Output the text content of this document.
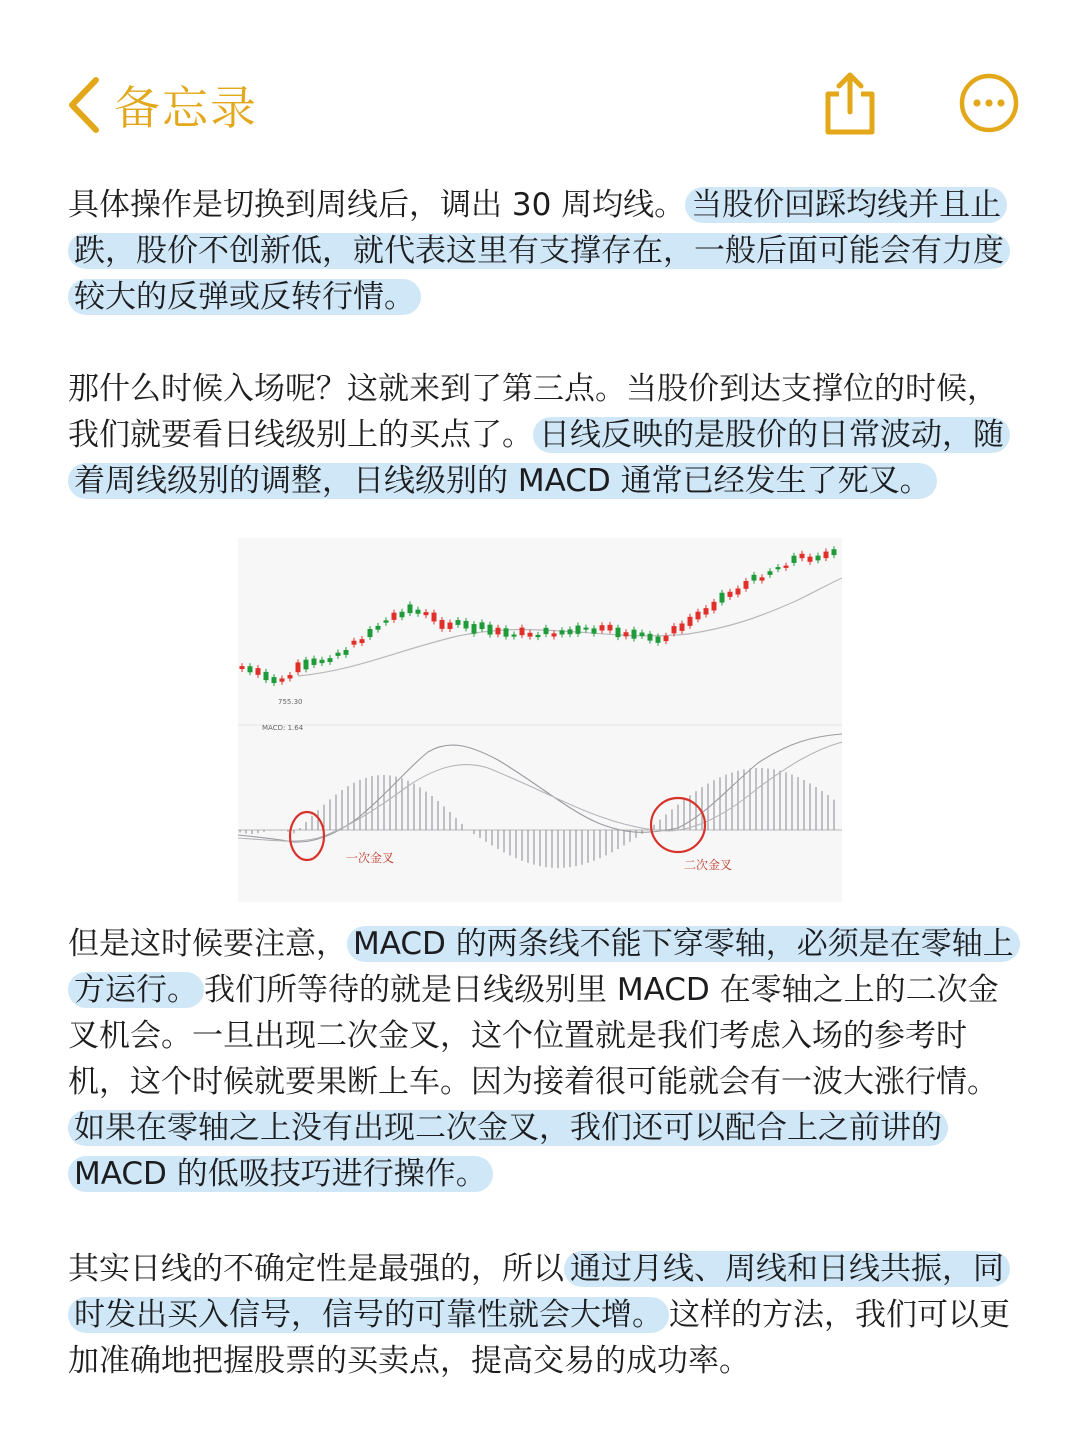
备忘录
具体操作是切换到周线后，调出 30 周均线。 当股价回踩均线并且止跌，股价不创新低，就代表这里有支撑存在，一般后面可能会有力度较大的反弹或反转行情。
那什么时候入场呢？这就来到了第三点。当股价到达支撑位的时候，我们就要看日线级别上的买点了。 日线反映的是股价的日常波动，随着周线级别的调整，日线级别的 MACD 通常已经发生了死叉。
755.30
MACD: 1.64
一次金叉	二次金叉
但是这时候要注意， MACD 的两条线不能下穿零轴，必须是在零轴上方运行。 我们所等待的就是日线级别里 MACD 在零轴之上的二次金叉机会。一旦出现二次金叉，这个位置就是我们考虑入场的参考时机，这个时候就要果断上车。因为接着很可能就会有一波大涨行情。如果在零轴之上没有出现二次金叉，我们还可以配合上之前讲的 MACD 的低吸技巧进行操作。
其实日线的不确定性是最强的，所以 通过月线、周线和日线共振，同时发出买入信号，信号的可靠性就会大增。 这样的方法，我们可以更加准确地把握股票的买卖点，提高交易的成功率。
